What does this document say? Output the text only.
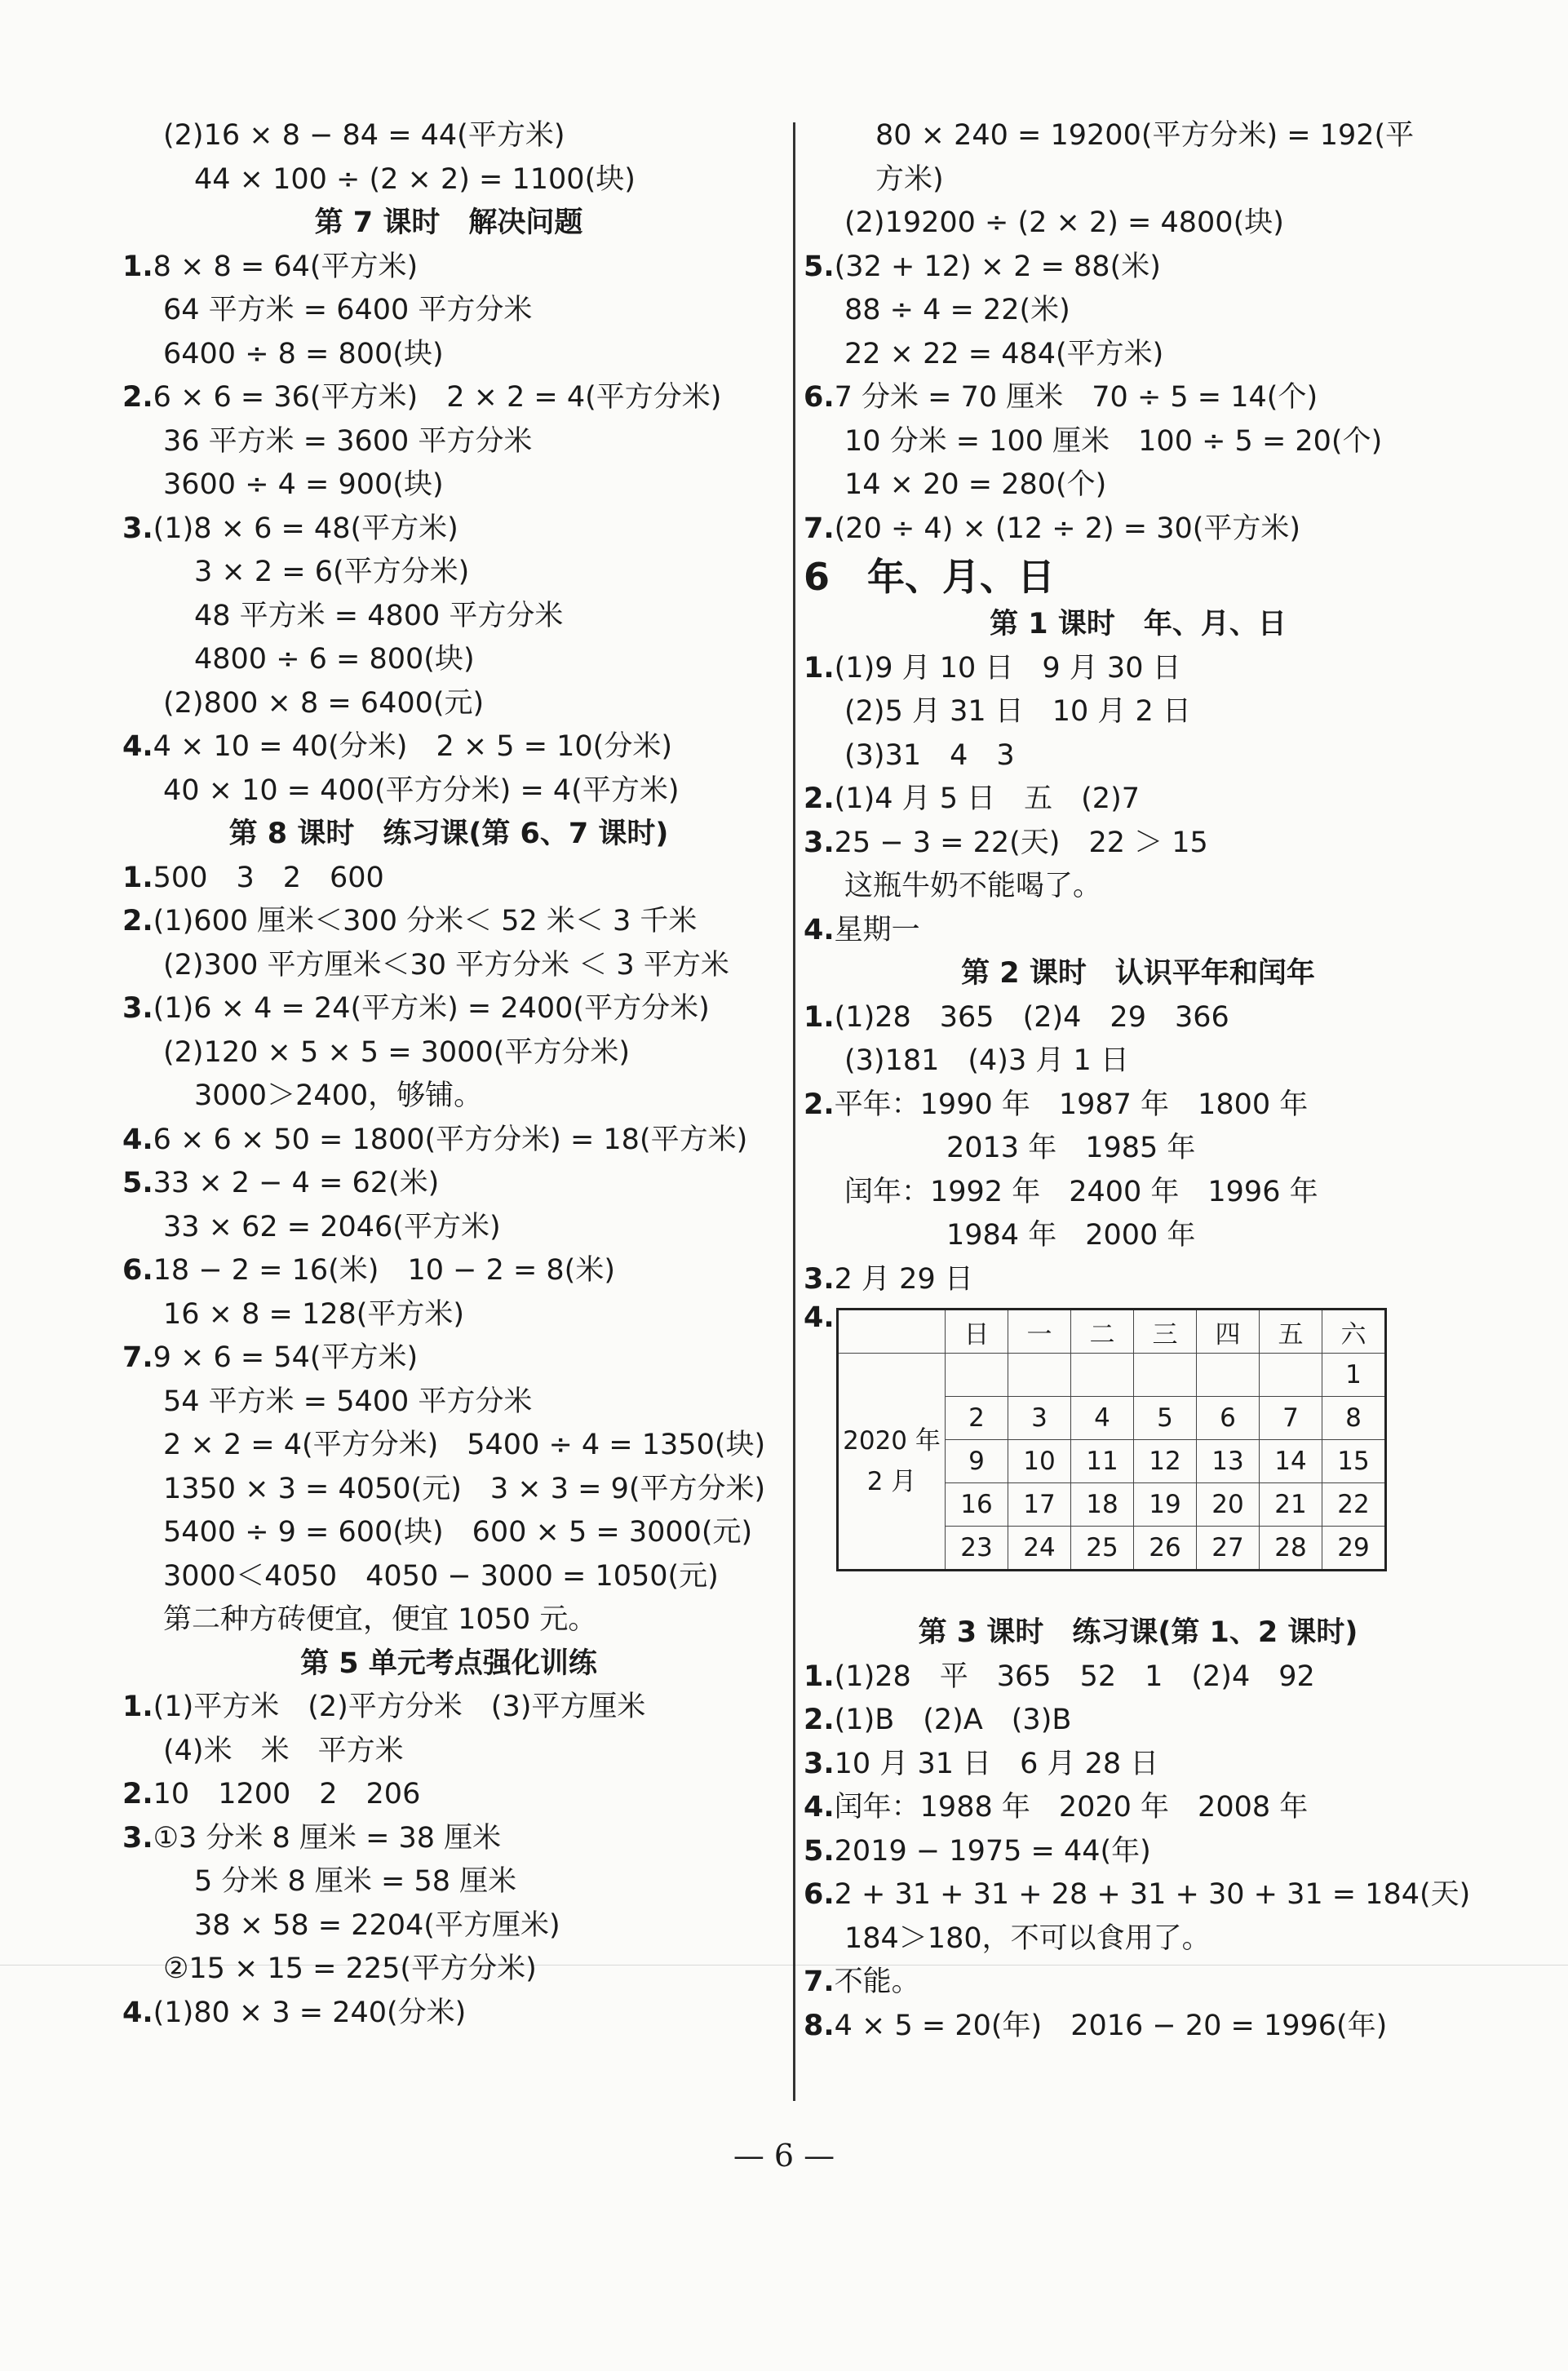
(2)16 × 8 − 84 = 44(平方米)
44 × 100 ÷ (2 × 2) = 1100(块)
第 7 课时　解决问题
1.8 × 8 = 64(平方米)
64 平方米 = 6400 平方分米
6400 ÷ 8 = 800(块)
2.6 × 6 = 36(平方米)　2 × 2 = 4(平方分米)
36 平方米 = 3600 平方分米
3600 ÷ 4 = 900(块)
3.(1)8 × 6 = 48(平方米)
3 × 2 = 6(平方分米)
48 平方米 = 4800 平方分米
4800 ÷ 6 = 800(块)
(2)800 × 8 = 6400(元)
4.4 × 10 = 40(分米)　2 × 5 = 10(分米)
40 × 10 = 400(平方分米) = 4(平方米)
第 8 课时　练习课(第 6、7 课时)
1.500　3　2　600
2.(1)600 厘米＜300 分米＜ 52 米＜ 3 千米
(2)300 平方厘米＜30 平方分米 ＜ 3 平方米
3.(1)6 × 4 = 24(平方米) = 2400(平方分米)
(2)120 × 5 × 5 = 3000(平方分米)
3000＞2400，够铺。
4.6 × 6 × 50 = 1800(平方分米) = 18(平方米)
5.33 × 2 − 4 = 62(米)
33 × 62 = 2046(平方米)
6.18 − 2 = 16(米)　10 − 2 = 8(米)
16 × 8 = 128(平方米)
7.9 × 6 = 54(平方米)
54 平方米 = 5400 平方分米
2 × 2 = 4(平方分米)　5400 ÷ 4 = 1350(块)
1350 × 3 = 4050(元)　3 × 3 = 9(平方分米)
5400 ÷ 9 = 600(块)　600 × 5 = 3000(元)
3000＜4050　4050 − 3000 = 1050(元)
第二种方砖便宜，便宜 1050 元。
第 5 单元考点强化训练
1.(1)平方米　(2)平方分米　(3)平方厘米
(4)米　米　平方米
2.10　1200　2　206
3.①3 分米 8 厘米 = 38 厘米
5 分米 8 厘米 = 58 厘米
38 × 58 = 2204(平方厘米)
②15 × 15 = 225(平方分米)
4.(1)80 × 3 = 240(分米)
80 × 240 = 19200(平方分米) = 192(平
方米)
(2)19200 ÷ (2 × 2) = 4800(块)
5.(32 + 12) × 2 = 88(米)
88 ÷ 4 = 22(米)
22 × 22 = 484(平方米)
6.7 分米 = 70 厘米　70 ÷ 5 = 14(个)
10 分米 = 100 厘米　100 ÷ 5 = 20(个)
14 × 20 = 280(个)
7.(20 ÷ 4) × (12 ÷ 2) = 30(平方米)
6　年、月、日
第 1 课时　年、月、日
1.(1)9 月 10 日　9 月 30 日
(2)5 月 31 日　10 月 2 日
(3)31　4　3
2.(1)4 月 5 日　五　(2)7
3.25 − 3 = 22(天)　22 ＞ 15
这瓶牛奶不能喝了。
4.星期一
第 2 课时　认识平年和闰年
1.(1)28　365　(2)4　29　366
(3)181　(4)3 月 1 日
2.平年：1990 年　1987 年　1800 年
2013 年　1985 年
闰年：1992 年　2400 年　1996 年
1984 年　2000 年
3.2 月 29 日
4.
	日	一	二	三	四	五	六

2020 年
2 月							1
	2	3	4	5	6	7	8
	9	10	11	12	13	14	15
	16	17	18	19	20	21	22
	23	24	25	26	27	28	29
第 3 课时　练习课(第 1、2 课时)
1.(1)28　平　365　52　1　(2)4　92
2.(1)B　(2)A　(3)B
3.10 月 31 日　6 月 28 日
4.闰年：1988 年　2020 年　2008 年
5.2019 − 1975 = 44(年)
6.2 + 31 + 31 + 28 + 31 + 30 + 31 = 184(天)
184＞180，不可以食用了。
7.不能。
8.4 × 5 = 20(年)　2016 − 20 = 1996(年)
— 6 —
